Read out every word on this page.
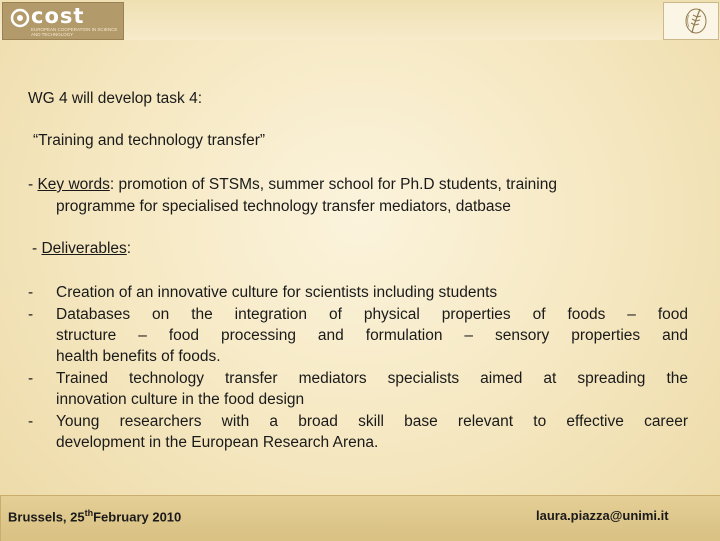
cost
EUROPEAN COOPERATION IN SCIENCE AND TECHNOLOGY
WG 4 will develop task 4:
“Training and technology transfer”
- Key words: promotion of STSMs, summer school for Ph.D students, training
programme for specialised technology transfer mediators, datbase
- Deliverables:
- Creation of an innovative culture for scientists including students
- Databases on the integration of physical properties of foods – food
structure – food processing and formulation – sensory properties and
health benefits of foods.
- Trained technology transfer mediators specialists aimed at spreading the
innovation culture in the food design
- Young researchers with a broad skill base relevant to effective career
development in the European Research Arena.
Brussels, 25thFebruary 2010	laura.piazza@unimi.it
